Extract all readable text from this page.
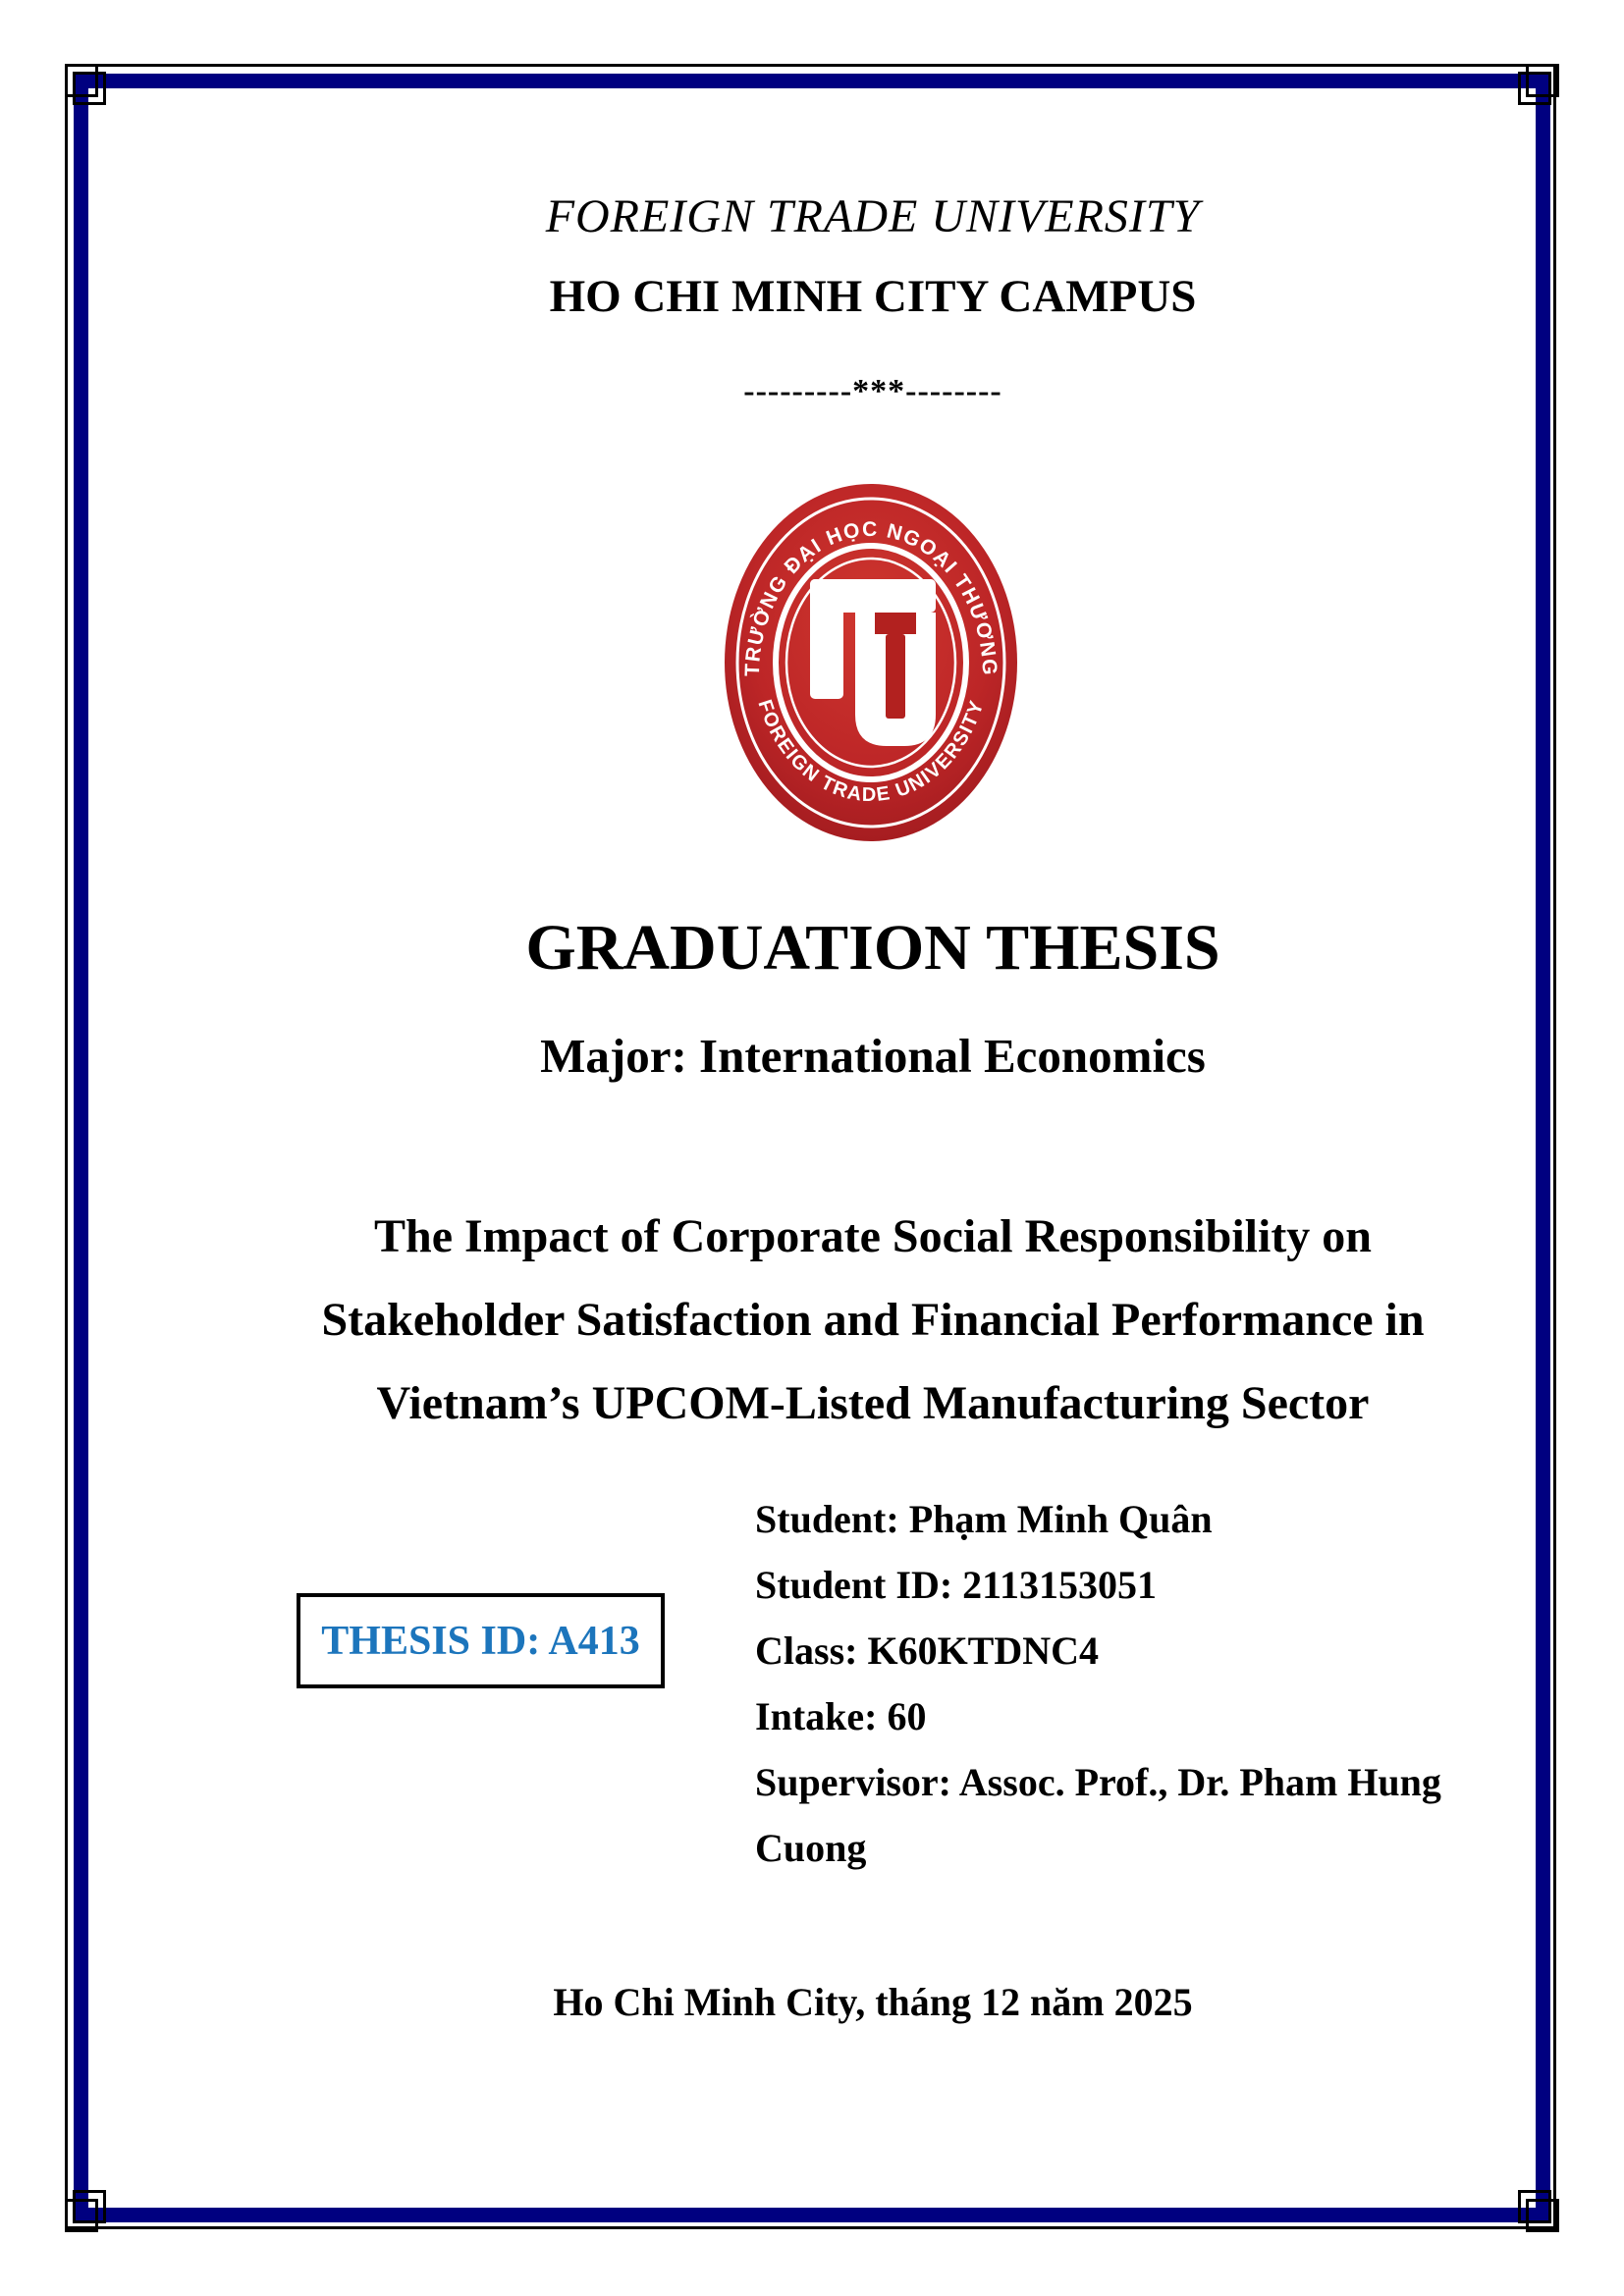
FOREIGN TRADE UNIVERSITY
HO CHI MINH CITY CAMPUS
---------***--------
TRƯỜNG ĐẠI HỌC NGOẠI THƯƠNG
FOREIGN TRADE UNIVERSITY
GRADUATION THESIS
Major: International Economics
The Impact of Corporate Social Responsibility on
Stakeholder Satisfaction and Financial Performance in
Vietnam’s UPCOM-Listed Manufacturing Sector
THESIS ID: A413
Student: Phạm Minh Quân
Student ID: 2113153051
Class: K60KTDNC4
Intake: 60
Supervisor: Assoc. Prof., Dr. Pham Hung
Cuong
Ho Chi Minh City, tháng 12 năm 2025
